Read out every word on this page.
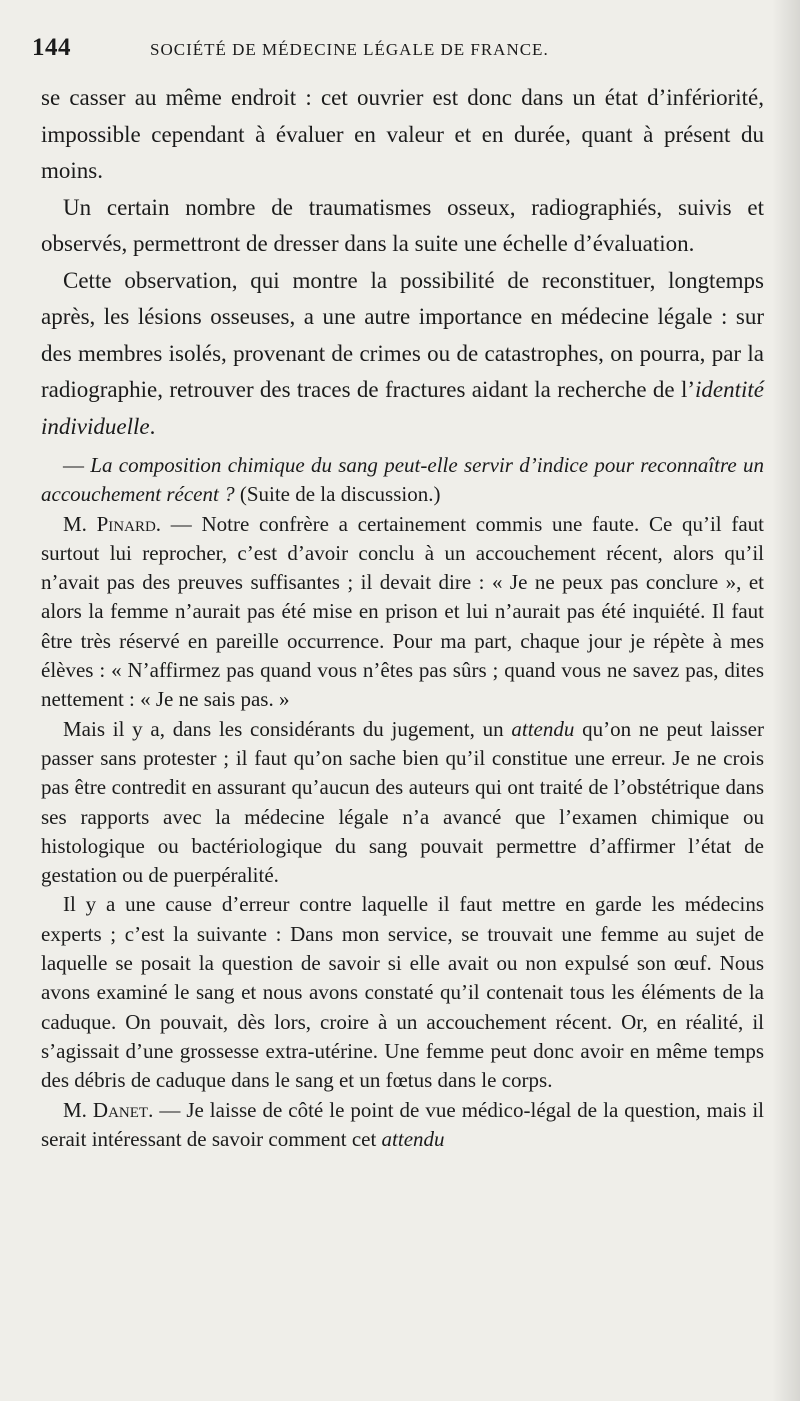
144	SOCIÉTÉ DE MÉDECINE LÉGALE DE FRANCE.

se casser au même endroit : cet ouvrier est donc dans un état d’infériorité, impossible cependant à évaluer en valeur et en durée, quant à présent du moins.

Un certain nombre de traumatismes osseux, radiographiés, suivis et observés, permettront de dresser dans la suite une échelle d’évaluation.

Cette observation, qui montre la possibilité de reconstituer, longtemps après, les lésions osseuses, a une autre importance en médecine légale : sur des membres isolés, provenant de crimes ou de catastrophes, on pourra, par la radiographie, retrouver des traces de fractures aidant la recherche de l’identité individuelle.

— La composition chimique du sang peut-elle servir d’indice pour reconnaître un accouchement récent ? (Suite de la discussion.)

M. Pinard. — Notre confrère a certainement commis une faute. Ce qu’il faut surtout lui reprocher, c’est d’avoir conclu à un accouchement récent, alors qu’il n’avait pas des preuves suffisantes ; il devait dire : « Je ne peux pas conclure », et alors la femme n’aurait pas été mise en prison et lui n’aurait pas été inquiété. Il faut être très réservé en pareille occurrence. Pour ma part, chaque jour je répète à mes élèves : « N’affirmez pas quand vous n’êtes pas sûrs ; quand vous ne savez pas, dites nettement : « Je ne sais pas. »

Mais il y a, dans les considérants du jugement, un attendu qu’on ne peut laisser passer sans protester ; il faut qu’on sache bien qu’il constitue une erreur. Je ne crois pas être contredit en assurant qu’aucun des auteurs qui ont traité de l’obstétrique dans ses rapports avec la médecine légale n’a avancé que l’examen chimique ou histologique ou bactériologique du sang pouvait permettre d’affirmer l’état de gestation ou de puerpéralité.

Il y a une cause d’erreur contre laquelle il faut mettre en garde les médecins experts ; c’est la suivante : Dans mon service, se trouvait une femme au sujet de laquelle se posait la question de savoir si elle avait ou non expulsé son œuf. Nous avons examiné le sang et nous avons constaté qu’il contenait tous les éléments de la caduque. On pouvait, dès lors, croire à un accouchement récent. Or, en réalité, il s’agissait d’une grossesse extra-utérine. Une femme peut donc avoir en même temps des débris de caduque dans le sang et un fœtus dans le corps.

M. Danet. — Je laisse de côté le point de vue médico-légal de la question, mais il serait intéressant de savoir comment cet attendu
